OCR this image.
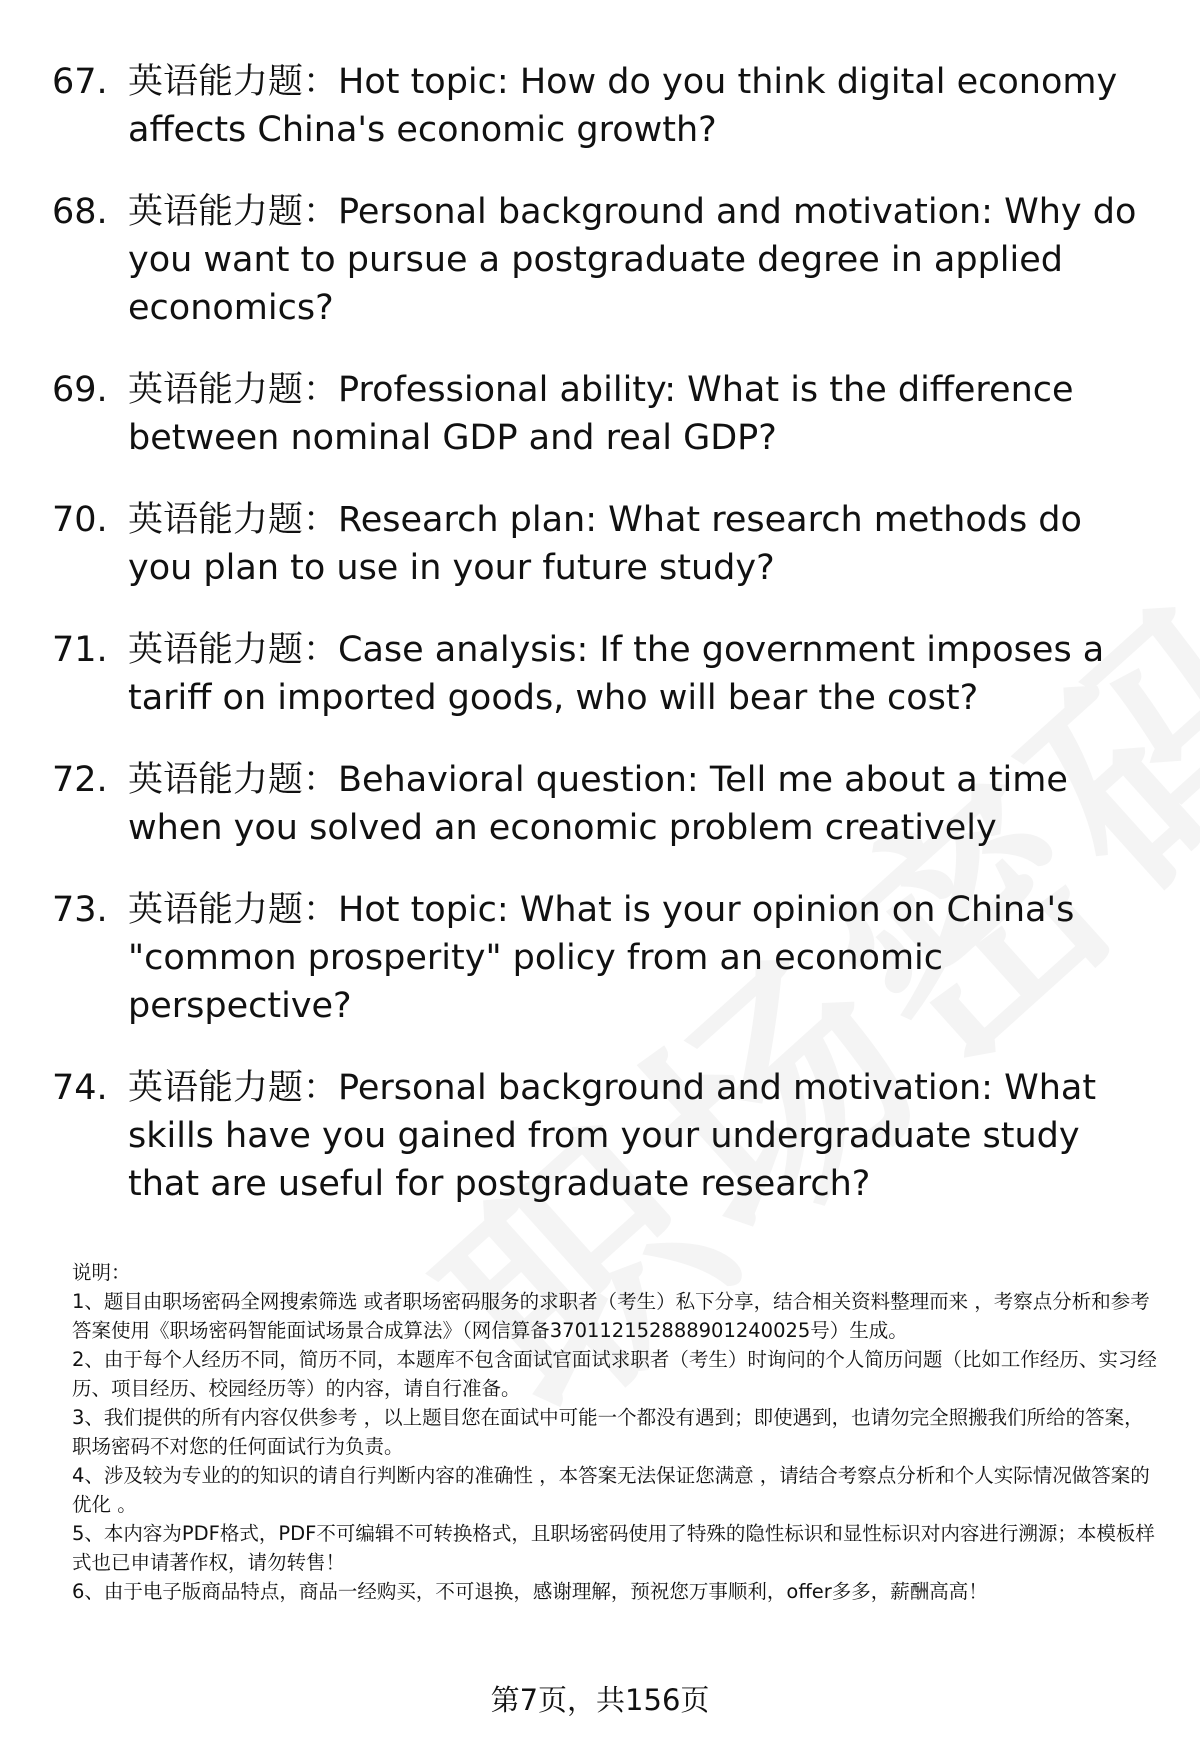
67. 英语能力题：Hot topic: How do you think digital economy affects China's economic growth?
68. 英语能力题：Personal background and motivation: Why do you want to pursue a postgraduate degree in applied economics?
69. 英语能力题：Professional ability: What is the difference between nominal GDP and real GDP?
70. 英语能力题：Research plan: What research methods do you plan to use in your future study?
71. 英语能力题：Case analysis: If the government imposes a tariff on imported goods, who will bear the cost?
72. 英语能力题：Behavioral question: Tell me about a time when you solved an economic problem creatively
73. 英语能力题：Hot topic: What is your opinion on China's "common prosperity" policy from an economic perspective?
74. 英语能力题：Personal background and motivation: What skills have you gained from your undergraduate study that are useful for postgraduate research?

说明：

1、题目由职场密码全网搜索筛选 或者职场密码服务的求职者（考生）私下分享，结合相关资料整理而来 ，考察点分析和参考答案使用《职场密码智能面试场景合成算法》（网信算备370112152888901240025号）生成。

2、由于每个人经历不同，简历不同，本题库不包含面试官面试求职者（考生）时询问的个人简历问题（比如工作经历、实习经历、项目经历、校园经历等）的内容，请自行准备。

3、我们提供的所有内容仅供参考 ，以上题目您在面试中可能一个都没有遇到；即使遇到，也请勿完全照搬我们所给的答案，职场密码不对您的任何面试行为负责。

4、涉及较为专业的的知识的请自行判断内容的准确性 ，本答案无法保证您满意 ，请结合考察点分析和个人实际情况做答案的优化 。

5、本内容为PDF格式，PDF不可编辑不可转换格式，且职场密码使用了特殊的隐性标识和显性标识对内容进行溯源；本模板样式也已申请著作权，请勿转售！

6、由于电子版商品特点，商品一经购买，不可退换，感谢理解，预祝您万事顺利，offer多多，薪酬高高！

第7页，共156页
